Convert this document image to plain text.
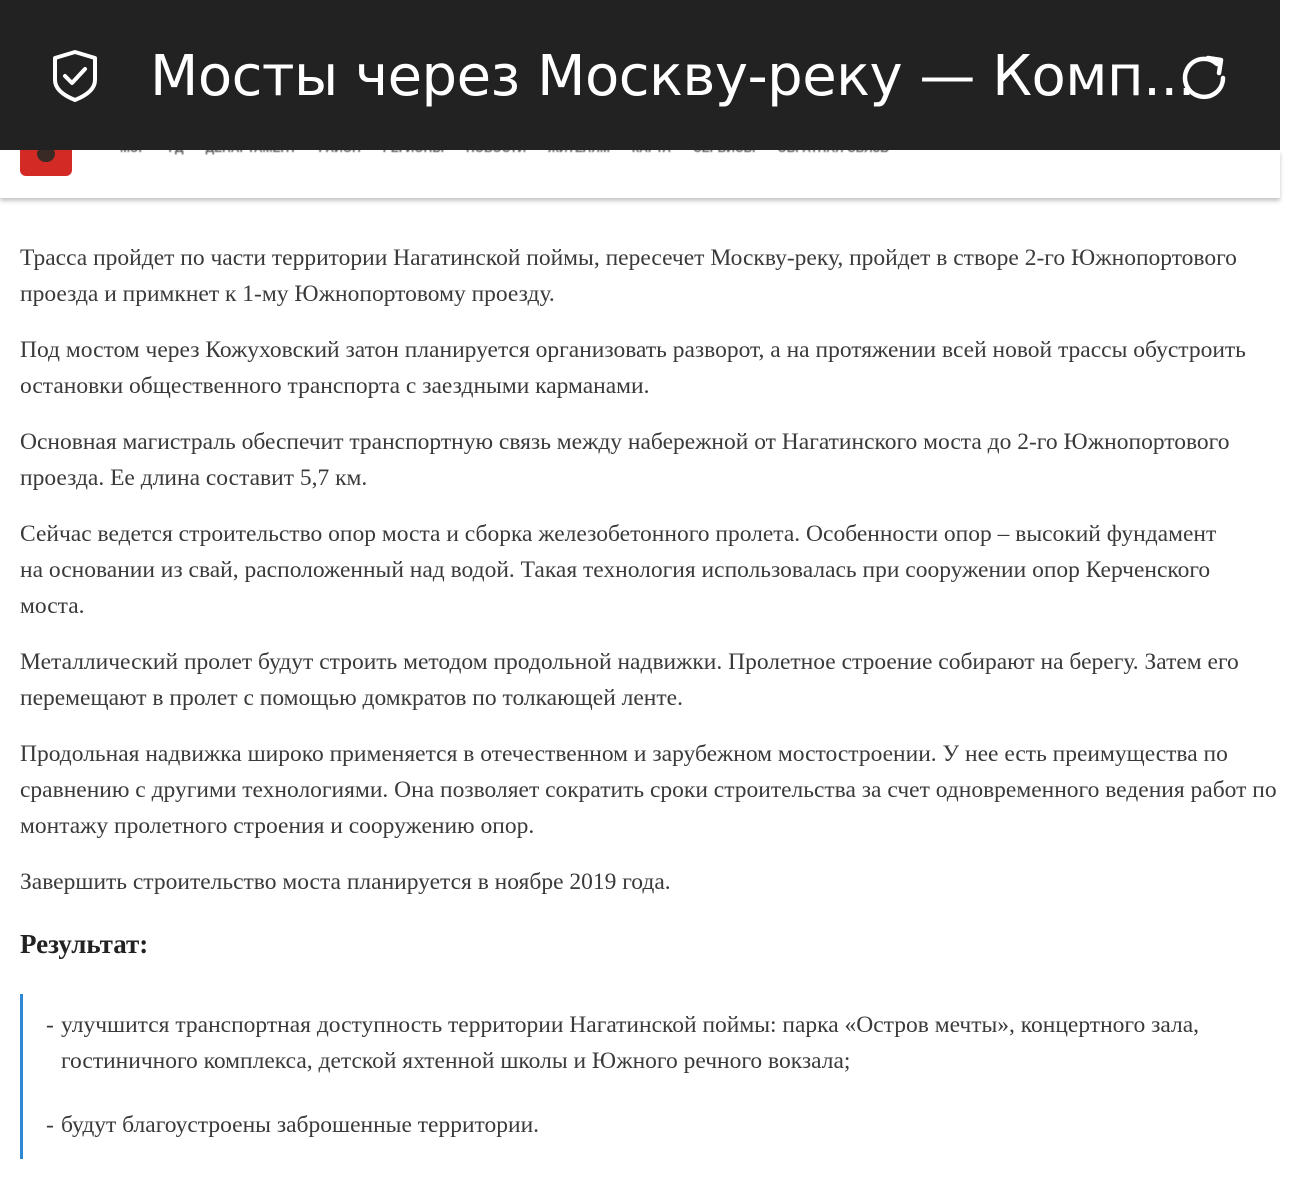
Мосты через Москву-реку — Комп...

Трасса пройдет по части территории Нагатинской поймы, пересечет Москву-реку, пройдет в створе 2-го Южнопортового проезда и примкнет к 1-му Южнопортовому проезду.

Под мостом через Кожуховский затон планируется организовать разворот, а на протяжении всей новой трассы обустроить остановки общественного транспорта с заездными карманами.

Основная магистраль обеспечит транспортную связь между набережной от Нагатинского моста до 2-го Южнопортового проезда. Ее длина составит 5,7 км.

Сейчас ведется строительство опор моста и сборка железобетонного пролета. Особенности опор – высокий фундамент на основании из свай, расположенный над водой. Такая технология использовалась при сооружении опор Керченского моста.

Металлический пролет будут строить методом продольной надвижки. Пролетное строение собирают на берегу. Затем его перемещают в пролет с помощью домкратов по толкающей ленте.

Продольная надвижка широко применяется в отечественном и зарубежном мостостроении. У нее есть преимущества по сравнению с другими технологиями. Она позволяет сократить сроки строительства за счет одновременного ведения работ по монтажу пролетного строения и сооружению опор.

Завершить строительство моста планируется в ноябре 2019 года.

Результат:
- улучшится транспортная доступность территории Нагатинской поймы: парка «Остров мечты», концертного зала, гостиничного комплекса, детской яхтенной школы и Южного речного вокзала;
- будут благоустроены заброшенные территории.
